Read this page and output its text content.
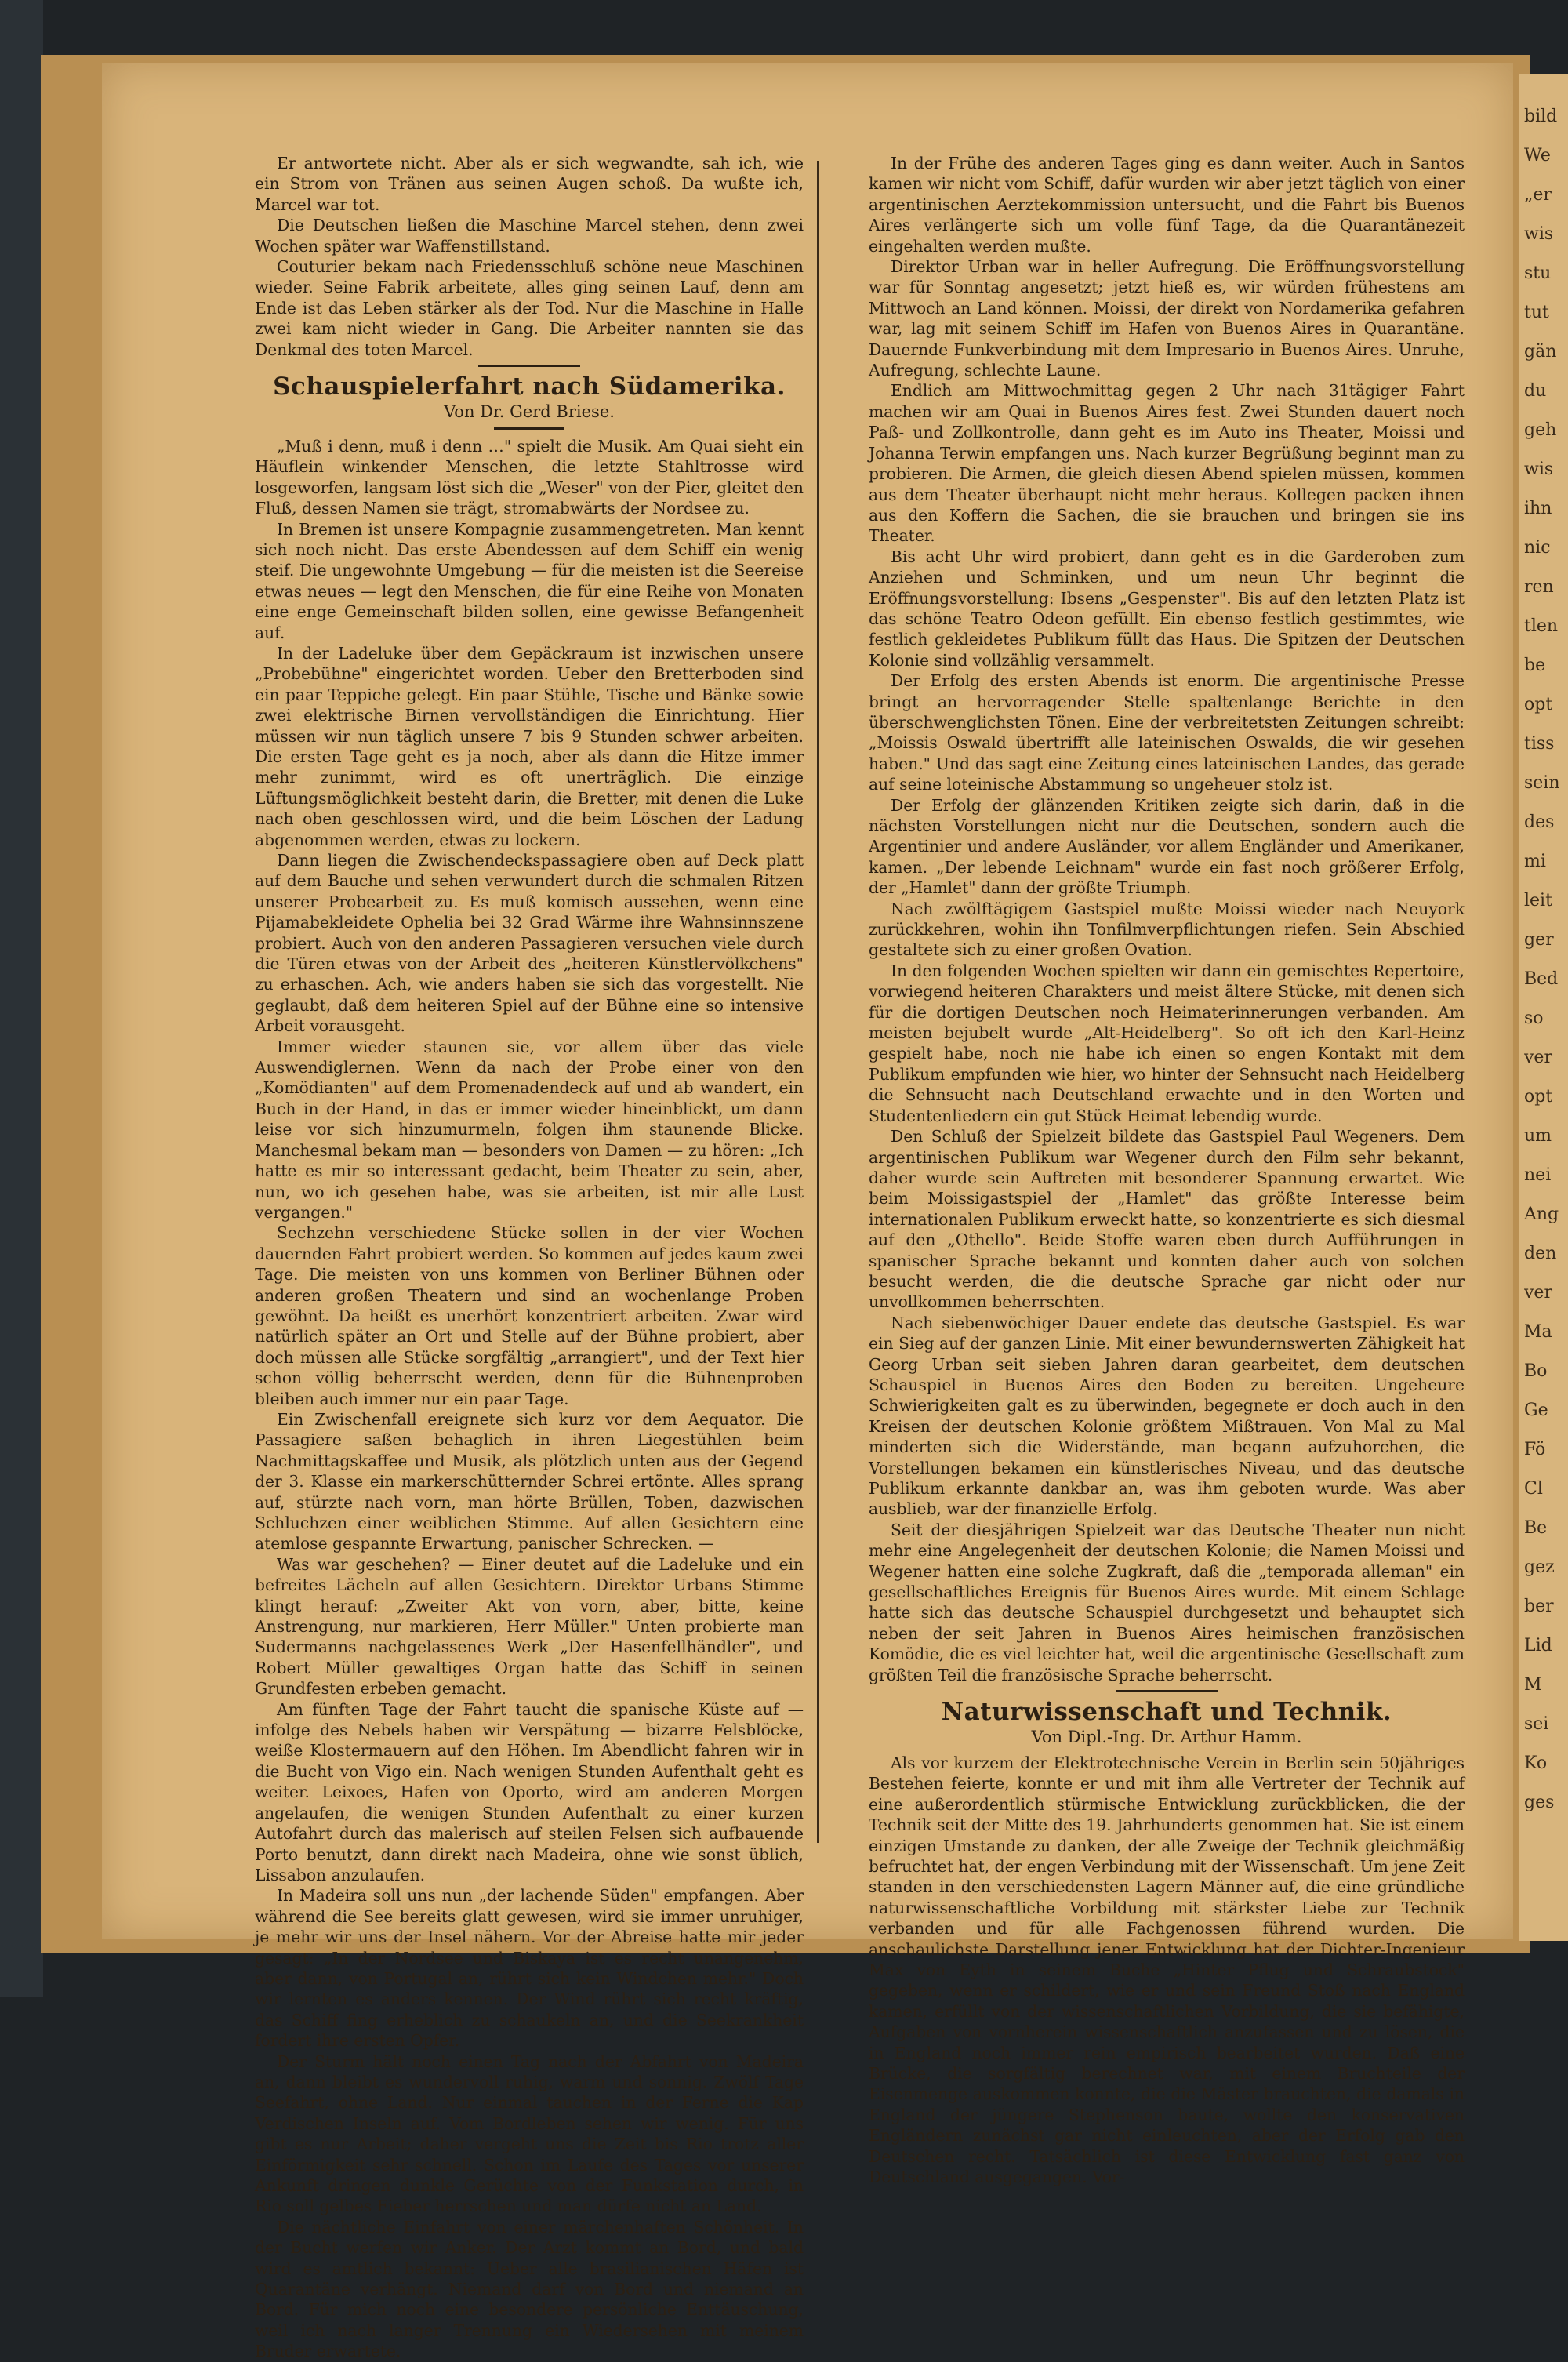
bild
We
„er
wis
stu
tut
gän
du
geh
wis
ihn
nic
ren
tlen
be
opt
tiss
sein
des
mi
leit
ger
Bed
so
ver
opt
um
nei
Ang
den
ver
Ma
Bo
Ge
Fö
Cl
Be
gez
ber
Lid
M
sei
Ko
ges

Er antwortete nicht. Aber als er sich wegwandte, sah ich, wie ein Strom von Tränen aus seinen Augen schoß. Da wußte ich, Marcel war tot.

Die Deutschen ließen die Maschine Marcel stehen, denn zwei Wochen später war Waffenstillstand.

Couturier bekam nach Friedensschluß schöne neue Maschinen wieder. Seine Fabrik arbeitete, alles ging seinen Lauf, denn am Ende ist das Leben stärker als der Tod. Nur die Maschine in Halle zwei kam nicht wieder in Gang. Die Arbeiter nannten sie das Denkmal des toten Marcel.

Schauspielerfahrt nach Südamerika.
Von Dr. Gerd Briese.

„Muß i denn, muß i denn …" spielt die Musik. Am Quai sieht ein Häuflein winkender Menschen, die letzte Stahltrosse wird losgeworfen, langsam löst sich die „Weser" von der Pier, gleitet den Fluß, dessen Namen sie trägt, stromabwärts der Nordsee zu.

In Bremen ist unsere Kompagnie zusammengetreten. Man kennt sich noch nicht. Das erste Abendessen auf dem Schiff ein wenig steif. Die ungewohnte Umgebung — für die meisten ist die Seereise etwas neues — legt den Menschen, die für eine Reihe von Monaten eine enge Gemeinschaft bilden sollen, eine gewisse Befangenheit auf.

In der Ladeluke über dem Gepäckraum ist inzwischen unsere „Probebühne" eingerichtet worden. Ueber den Bretterboden sind ein paar Teppiche gelegt. Ein paar Stühle, Tische und Bänke sowie zwei elektrische Birnen vervollständigen die Einrichtung. Hier müssen wir nun täglich unsere 7 bis 9 Stunden schwer arbeiten. Die ersten Tage geht es ja noch, aber als dann die Hitze immer mehr zunimmt, wird es oft unerträglich. Die einzige Lüftungsmöglichkeit besteht darin, die Bretter, mit denen die Luke nach oben geschlossen wird, und die beim Löschen der Ladung abgenommen werden, etwas zu lockern.

Dann liegen die Zwischendeckspassagiere oben auf Deck platt auf dem Bauche und sehen verwundert durch die schmalen Ritzen unserer Probearbeit zu. Es muß komisch aussehen, wenn eine Pijamabekleidete Ophelia bei 32 Grad Wärme ihre Wahnsinnszene probiert. Auch von den anderen Passagieren versuchen viele durch die Türen etwas von der Arbeit des „heiteren Künstlervölkchens" zu erhaschen. Ach, wie anders haben sie sich das vorgestellt. Nie geglaubt, daß dem heiteren Spiel auf der Bühne eine so intensive Arbeit vorausgeht.

Immer wieder staunen sie, vor allem über das viele Auswendiglernen. Wenn da nach der Probe einer von den „Komödianten" auf dem Promenadendeck auf und ab wandert, ein Buch in der Hand, in das er immer wieder hineinblickt, um dann leise vor sich hinzumurmeln, folgen ihm staunende Blicke. Manchesmal bekam man — besonders von Damen — zu hören: „Ich hatte es mir so interessant gedacht, beim Theater zu sein, aber, nun, wo ich gesehen habe, was sie arbeiten, ist mir alle Lust vergangen."

Sechzehn verschiedene Stücke sollen in der vier Wochen dauernden Fahrt probiert werden. So kommen auf jedes kaum zwei Tage. Die meisten von uns kommen von Berliner Bühnen oder anderen großen Theatern und sind an wochenlange Proben gewöhnt. Da heißt es unerhört konzentriert arbeiten. Zwar wird natürlich später an Ort und Stelle auf der Bühne probiert, aber doch müssen alle Stücke sorgfältig „arrangiert", und der Text hier schon völlig beherrscht werden, denn für die Bühnenproben bleiben auch immer nur ein paar Tage.

Ein Zwischenfall ereignete sich kurz vor dem Aequator. Die Passagiere saßen behaglich in ihren Liegestühlen beim Nachmittagskaffee und Musik, als plötzlich unten aus der Gegend der 3. Klasse ein markerschütternder Schrei ertönte. Alles sprang auf, stürzte nach vorn, man hörte Brüllen, Toben, dazwischen Schluchzen einer weiblichen Stimme. Auf allen Gesichtern eine atemlose gespannte Erwartung, panischer Schrecken. —

Was war geschehen? — Einer deutet auf die Ladeluke und ein befreites Lächeln auf allen Gesichtern. Direktor Urbans Stimme klingt herauf: „Zweiter Akt von vorn, aber, bitte, keine Anstrengung, nur markieren, Herr Müller." Unten probierte man Sudermanns nachgelassenes Werk „Der Hasenfellhändler", und Robert Müller gewaltiges Organ hatte das Schiff in seinen Grundfesten erbeben gemacht.

Am fünften Tage der Fahrt taucht die spanische Küste auf — infolge des Nebels haben wir Verspätung — bizarre Felsblöcke, weiße Klostermauern auf den Höhen. Im Abendlicht fahren wir in die Bucht von Vigo ein. Nach wenigen Stunden Aufenthalt geht es weiter. Leixoes, Hafen von Oporto, wird am anderen Morgen angelaufen, die wenigen Stunden Aufenthalt zu einer kurzen Autofahrt durch das malerisch auf steilen Felsen sich aufbauende Porto benutzt, dann direkt nach Madeira, ohne wie sonst üblich, Lissabon anzulaufen.

In Madeira soll uns nun „der lachende Süden" empfangen. Aber während die See bereits glatt gewesen, wird sie immer unruhiger, je mehr wir uns der Insel nähern. Vor der Abreise hatte mir jeder gesagt: „In der Nordsee und Biskaya ist es recht unangenehm, aber dann, von Portugal an, rührt sich kein Windchen mehr." Doch wir lernten es anders kennen. Der Wind rührt sich recht kräftig, das Schiff fing erheblich zu schaukeln an, und die Seekrankheit fordert ihre ersten Opfer.

Der Sturm hält noch einen Tag nach der Abfahrt von Madeira an, dann bleibt es wundervoll ruhig, warm und sonnig. Zwölf Tage Seefahrt, ohne Land. Nur einmal tauchen in der Ferne die Kap Verdischen Inseln auf. Vom Bordleben sehen wir wenig. Für uns gibt es nur Arbeit; daher vergeht uns die Zeit bis Rio trotz aller Einförmigkeit sehr schnell. Schon im Laufe des Tages vor unserer Ankunft dringen dunkle Gerüchte von der Funkstation durch, in Rio soll gelbes Fieber herrschen und man dürfe nicht an Land.

Die nächtliche Einfahrt von einer märchenhaften Schönheit. In der Bucht werfen wir Anker. Der Arzt kommt an Bord, und bald wird es amtlich bekannt: Ueber alle brasilianischen Häfen ist Quarantäne verhängt. Niemand darf von Bord und niemand an Bord. Für mich noch eine besondere persönliche Enttäuschung, weil ich nach langer Trennung ein Wiedersehen mit meinem Bruder erwartete.

In der Frühe des anderen Tages ging es dann weiter. Auch in Santos kamen wir nicht vom Schiff, dafür wurden wir aber jetzt täglich von einer argentinischen Aerztekommission untersucht, und die Fahrt bis Buenos Aires verlängerte sich um volle fünf Tage, da die Quarantänezeit eingehalten werden mußte.

Direktor Urban war in heller Aufregung. Die Eröffnungsvorstellung war für Sonntag angesetzt; jetzt hieß es, wir würden frühestens am Mittwoch an Land können. Moissi, der direkt von Nordamerika gefahren war, lag mit seinem Schiff im Hafen von Buenos Aires in Quarantäne. Dauernde Funkverbindung mit dem Impresario in Buenos Aires. Unruhe, Aufregung, schlechte Laune.

Endlich am Mittwochmittag gegen 2 Uhr nach 31tägiger Fahrt machen wir am Quai in Buenos Aires fest. Zwei Stunden dauert noch Paß- und Zollkontrolle, dann geht es im Auto ins Theater, Moissi und Johanna Terwin empfangen uns. Nach kurzer Begrüßung beginnt man zu probieren. Die Armen, die gleich diesen Abend spielen müssen, kommen aus dem Theater überhaupt nicht mehr heraus. Kollegen packen ihnen aus den Koffern die Sachen, die sie brauchen und bringen sie ins Theater.

Bis acht Uhr wird probiert, dann geht es in die Garderoben zum Anziehen und Schminken, und um neun Uhr beginnt die Eröffnungsvorstellung: Ibsens „Gespenster". Bis auf den letzten Platz ist das schöne Teatro Odeon gefüllt. Ein ebenso festlich gestimmtes, wie festlich gekleidetes Publikum füllt das Haus. Die Spitzen der Deutschen Kolonie sind vollzählig versammelt.

Der Erfolg des ersten Abends ist enorm. Die argentinische Presse bringt an hervorragender Stelle spaltenlange Berichte in den überschwenglichsten Tönen. Eine der verbreitetsten Zeitungen schreibt: „Moissis Oswald übertrifft alle lateinischen Oswalds, die wir gesehen haben." Und das sagt eine Zeitung eines lateinischen Landes, das gerade auf seine loteinische Abstammung so ungeheuer stolz ist.

Der Erfolg der glänzenden Kritiken zeigte sich darin, daß in die nächsten Vorstellungen nicht nur die Deutschen, sondern auch die Argentinier und andere Ausländer, vor allem Engländer und Amerikaner, kamen. „Der lebende Leichnam" wurde ein fast noch größerer Erfolg, der „Hamlet" dann der größte Triumph.

Nach zwölftägigem Gastspiel mußte Moissi wieder nach Neuyork zurückkehren, wohin ihn Tonfilmverpflichtungen riefen. Sein Abschied gestaltete sich zu einer großen Ovation.

In den folgenden Wochen spielten wir dann ein gemischtes Repertoire, vorwiegend heiteren Charakters und meist ältere Stücke, mit denen sich für die dortigen Deutschen noch Heimaterinnerungen verbanden. Am meisten bejubelt wurde „Alt-Heidelberg". So oft ich den Karl-Heinz gespielt habe, noch nie habe ich einen so engen Kontakt mit dem Publikum empfunden wie hier, wo hinter der Sehnsucht nach Heidelberg die Sehnsucht nach Deutschland erwachte und in den Worten und Studentenliedern ein gut Stück Heimat lebendig wurde.

Den Schluß der Spielzeit bildete das Gastspiel Paul Wegeners. Dem argentinischen Publikum war Wegener durch den Film sehr bekannt, daher wurde sein Auftreten mit besonderer Spannung erwartet. Wie beim Moissigastspiel der „Hamlet" das größte Interesse beim internationalen Publikum erweckt hatte, so konzentrierte es sich diesmal auf den „Othello". Beide Stoffe waren eben durch Aufführungen in spanischer Sprache bekannt und konnten daher auch von solchen besucht werden, die die deutsche Sprache gar nicht oder nur unvollkommen beherrschten.

Nach siebenwöchiger Dauer endete das deutsche Gastspiel. Es war ein Sieg auf der ganzen Linie. Mit einer bewundernswerten Zähigkeit hat Georg Urban seit sieben Jahren daran gearbeitet, dem deutschen Schauspiel in Buenos Aires den Boden zu bereiten. Ungeheure Schwierigkeiten galt es zu überwinden, begegnete er doch auch in den Kreisen der deutschen Kolonie größtem Mißtrauen. Von Mal zu Mal minderten sich die Widerstände, man begann aufzuhorchen, die Vorstellungen bekamen ein künstlerisches Niveau, und das deutsche Publikum erkannte dankbar an, was ihm geboten wurde. Was aber ausblieb, war der finanzielle Erfolg.

Seit der diesjährigen Spielzeit war das Deutsche Theater nun nicht mehr eine Angelegenheit der deutschen Kolonie; die Namen Moissi und Wegener hatten eine solche Zugkraft, daß die „temporada alleman" ein gesellschaftliches Ereignis für Buenos Aires wurde. Mit einem Schlage hatte sich das deutsche Schauspiel durchgesetzt und behauptet sich neben der seit Jahren in Buenos Aires heimischen französischen Komödie, die es viel leichter hat, weil die argentinische Gesellschaft zum größten Teil die französische Sprache beherrscht.

Naturwissenschaft und Technik.
Von Dipl.-Ing. Dr. Arthur Hamm.

Als vor kurzem der Elektrotechnische Verein in Berlin sein 50jähriges Bestehen feierte, konnte er und mit ihm alle Vertreter der Technik auf eine außerordentlich stürmische Entwicklung zurückblicken, die der Technik seit der Mitte des 19. Jahrhunderts genommen hat. Sie ist einem einzigen Umstande zu danken, der alle Zweige der Technik gleichmäßig befruchtet hat, der engen Verbindung mit der Wissenschaft. Um jene Zeit standen in den verschiedensten Lagern Männer auf, die eine gründliche naturwissenschaftliche Vorbildung mit stärkster Liebe zur Technik verbanden und für alle Fachgenossen führend wurden. Die anschaulichste Darstellung jener Entwicklung hat der Dichter-Ingenieur Max von Eyth in seinem Buche „Hinter Pflug und Schraubstock" gegeben, wenn er schildert, wie er und sein Freund Stoß nach England kamen, erfüllt von der wissenschaftlichen Vorbildung, die sie befähigte, Aufgaben von vornherein wissenschaftlich anzufassen und zu lösen, die in England noch immer rein empirisch bearbeitet wurden. Daß eine Brücke, die sorgfältig berechnet war, mit einem Bruchteile der Eisenmenge auskommen konnte, die die Mäster brauchten, die damals in England der jüngere Stephenson baute, wollte den konservativen Engländern zunächst gar nicht einleuchten, aber der Erfolg gab den Deutschen recht. Tatsächlich ist diese Entwicklung fast ganz von Deutschland ausgegangen. Vor-
